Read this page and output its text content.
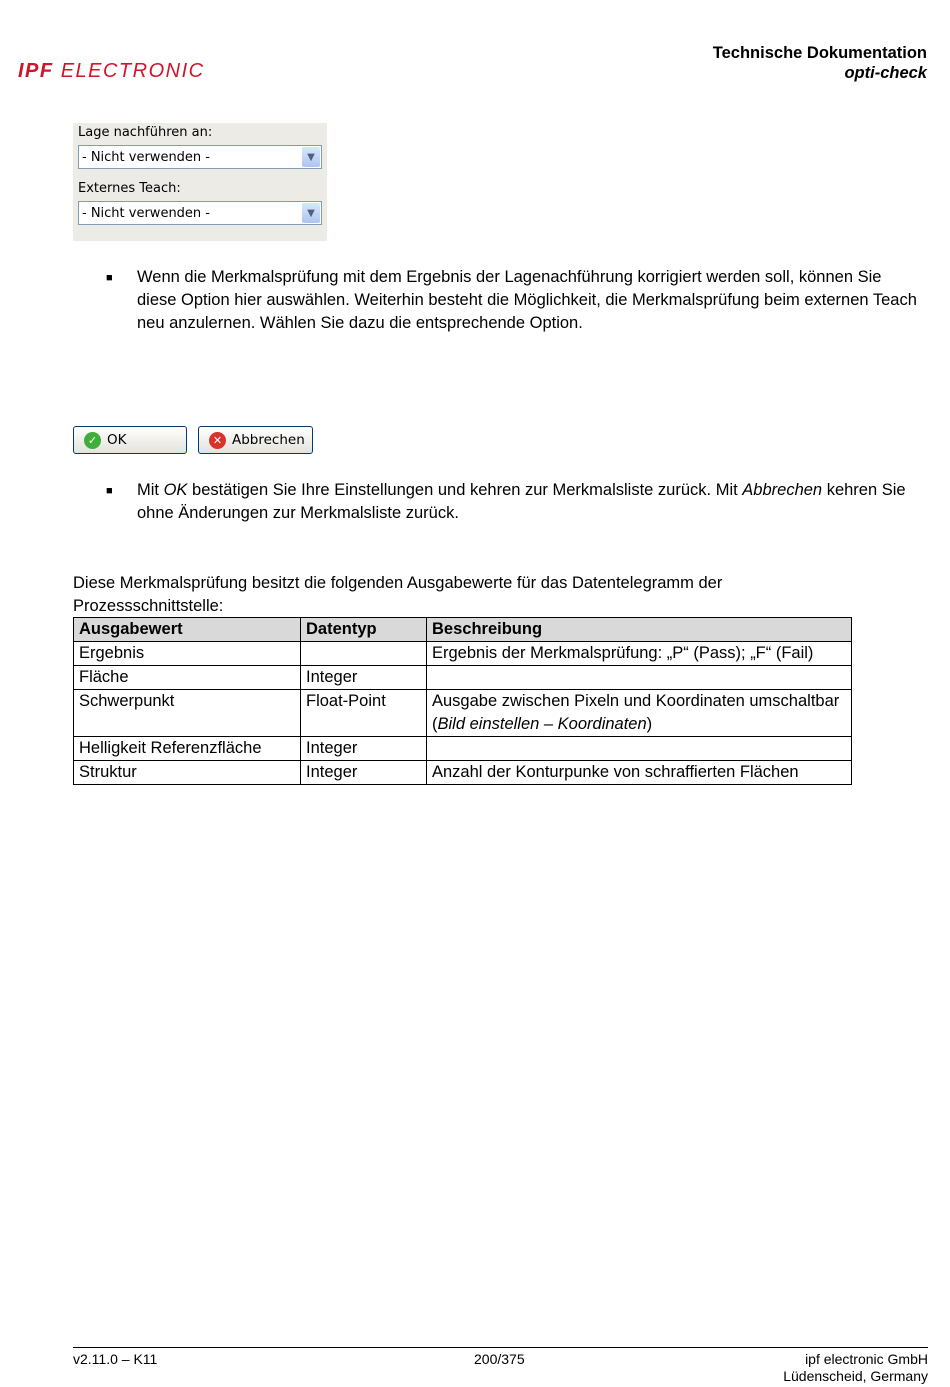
IPF ELECTRONIC
Technische Dokumentation
opti-check
Lage nachführen an:
- Nicht verwenden -	▼
Externes Teach:
- Nicht verwenden -	▼
■ Wenn die Merkmalsprüfung mit dem Ergebnis der Lagenachführung korrigiert werden soll, können Sie diese Option hier auswählen. Weiterhin besteht die Möglichkeit, die Merkmalsprüfung beim externen Teach neu anzulernen. Wählen Sie dazu die entsprechende Option.
✓ OK	✕ Abbrechen
■ Mit OK bestätigen Sie Ihre Einstellungen und kehren zur Merkmalsliste zurück. Mit Abbrechen kehren Sie ohne Änderungen zur Merkmalsliste zurück.
Diese Merkmalsprüfung besitzt die folgenden Ausgabewerte für das Datentelegramm der Prozessschnittstelle:
Ausgabewert	Datentyp	Beschreibung
Ergebnis		Ergebnis der Merkmalsprüfung: „P“ (Pass); „F“ (Fail)
Fläche	Integer	
Schwerpunkt	Float-Point	Ausgabe zwischen Pixeln und Koordinaten umschaltbar (Bild einstellen – Koordinaten)
Helligkeit Referenzfläche	Integer	
Struktur	Integer	Anzahl der Konturpunke von schraffierten Flächen
v2.11.0 – K11	200/375	ipf electronic GmbH
Lüdenscheid, Germany
